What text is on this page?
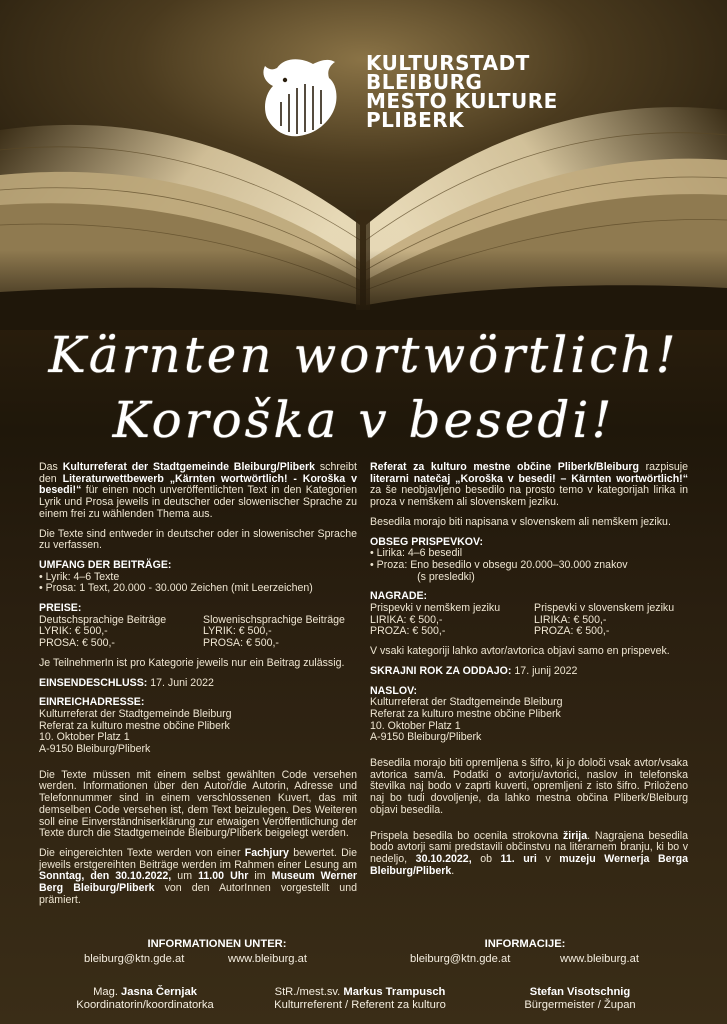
KULTURSTADT
BLEIBURG
MESTO KULTURE
PLIBERK
Kärnten wortwörtlich!
Koroška v besedi!

Das Kulturreferat der Stadtgemeinde Bleiburg/Pliberk schreibt den Literaturwettbewerb „Kärnten wortwörtlich! - Koroška v besedi!“ für einen noch unveröffentlichten Text in den Kategorien Lyrik und Prosa jeweils in deutscher oder slowenischer Sprache zu einem frei zu wählenden Thema aus.

Die Texte sind entweder in deutscher oder in slowenischer Sprache zu verfassen.

UMFANG DER BEITRÄGE:
• Lyrik: 4–6 Texte
• Prosa: 1 Text, 20.000 - 30.000 Zeichen (mit Leerzeichen)
PREISE:
Deutschsprachige Beiträge
LYRIK: € 500,-
PROSA: € 500,-
Slowenischsprachige Beiträge
LYRIK: € 500,-
PROSA: € 500,-

Je TeilnehmerIn ist pro Kategorie jeweils nur ein Beitrag zulässig.

EINSENDESCHLUSS: 17. Juni 2022

EINREICHADRESSE:
Kulturreferat der Stadtgemeinde Bleiburg
Referat za kulturo mestne občine Pliberk
10. Oktober Platz 1
A-9150 Bleiburg/Pliberk

Die Texte müssen mit einem selbst gewählten Code versehen werden. Informationen über den Autor/die Autorin, Adresse und Telefonnummer sind in einem verschlossenen Kuvert, das mit demselben Code versehen ist, dem Text beizulegen. Des Weiteren soll eine Einverständniserklärung zur etwaigen Veröffentlichung der Texte durch die Stadtgemeinde Bleiburg/Pliberk beigelegt werden.

Die eingereichten Texte werden von einer Fachjury bewertet. Die jeweils erstgereihten Beiträge werden im Rahmen einer Lesung am Sonntag, den 30.10.2022, um 11.00 Uhr im Museum Werner Berg Bleiburg/Pliberk von den AutorInnen vorgestellt und prämiert.

Referat za kulturo mestne občine Pliberk/Bleiburg razpisuje literarni natečaj „Koroška v besedi! – Kärnten wortwörtlich!“ za še neobjavljeno besedilo na prosto temo v kategorijah lirika in proza v nemškem ali slovenskem jeziku.

Besedila morajo biti napisana v slovenskem ali nemškem jeziku.

OBSEG PRISPEVKOV:
• Lirika: 4–6 besedil
• Proza: Eno besedilo v obsegu 20.000–30.000 znakov
(s presledki)
NAGRADE:
Prispevki v nemškem jeziku
LIRIKA: € 500,-
PROZA: € 500,-
Prispevki v slovenskem jeziku
LIRIKA: € 500,-
PROZA: € 500,-

V vsaki kategoriji lahko avtor/avtorica objavi samo en prispevek.

SKRAJNI ROK ZA ODDAJO: 17. junij 2022

NASLOV:
Kulturreferat der Stadtgemeinde Bleiburg
Referat za kulturo mestne občine Pliberk
10. Oktober Platz 1
A-9150 Bleiburg/Pliberk

Besedila morajo biti opremljena s šifro, ki jo določi vsak avtor/vsaka avtorica sam/a. Podatki o avtorju/avtorici, naslov in telefonska številka naj bodo v zaprti kuverti, opremljeni z isto šifro. Priloženo naj bo tudi dovoljenje, da lahko mestna občina Pliberk/Bleiburg objavi besedila.

Prispela besedila bo ocenila strokovna žirija. Nagrajena besedila bodo avtorji sami predstavili občinstvu na literarnem branju, ki bo v nedeljo, 30.10.2022, ob 11. uri v muzeju Wernerja Berga Bleiburg/Pliberk.

INFORMATIONEN UNTER:
bleiburg@ktn.gde.at	www.bleiburg.at
INFORMACIJE:
bleiburg@ktn.gde.at	www.bleiburg.at
Mag. Jasna Černjak
Koordinatorin/koordinatorka
StR./mest.sv. Markus Trampusch
Kulturreferent / Referent za kulturo
Stefan Visotschnig
Bürgermeister / Župan
